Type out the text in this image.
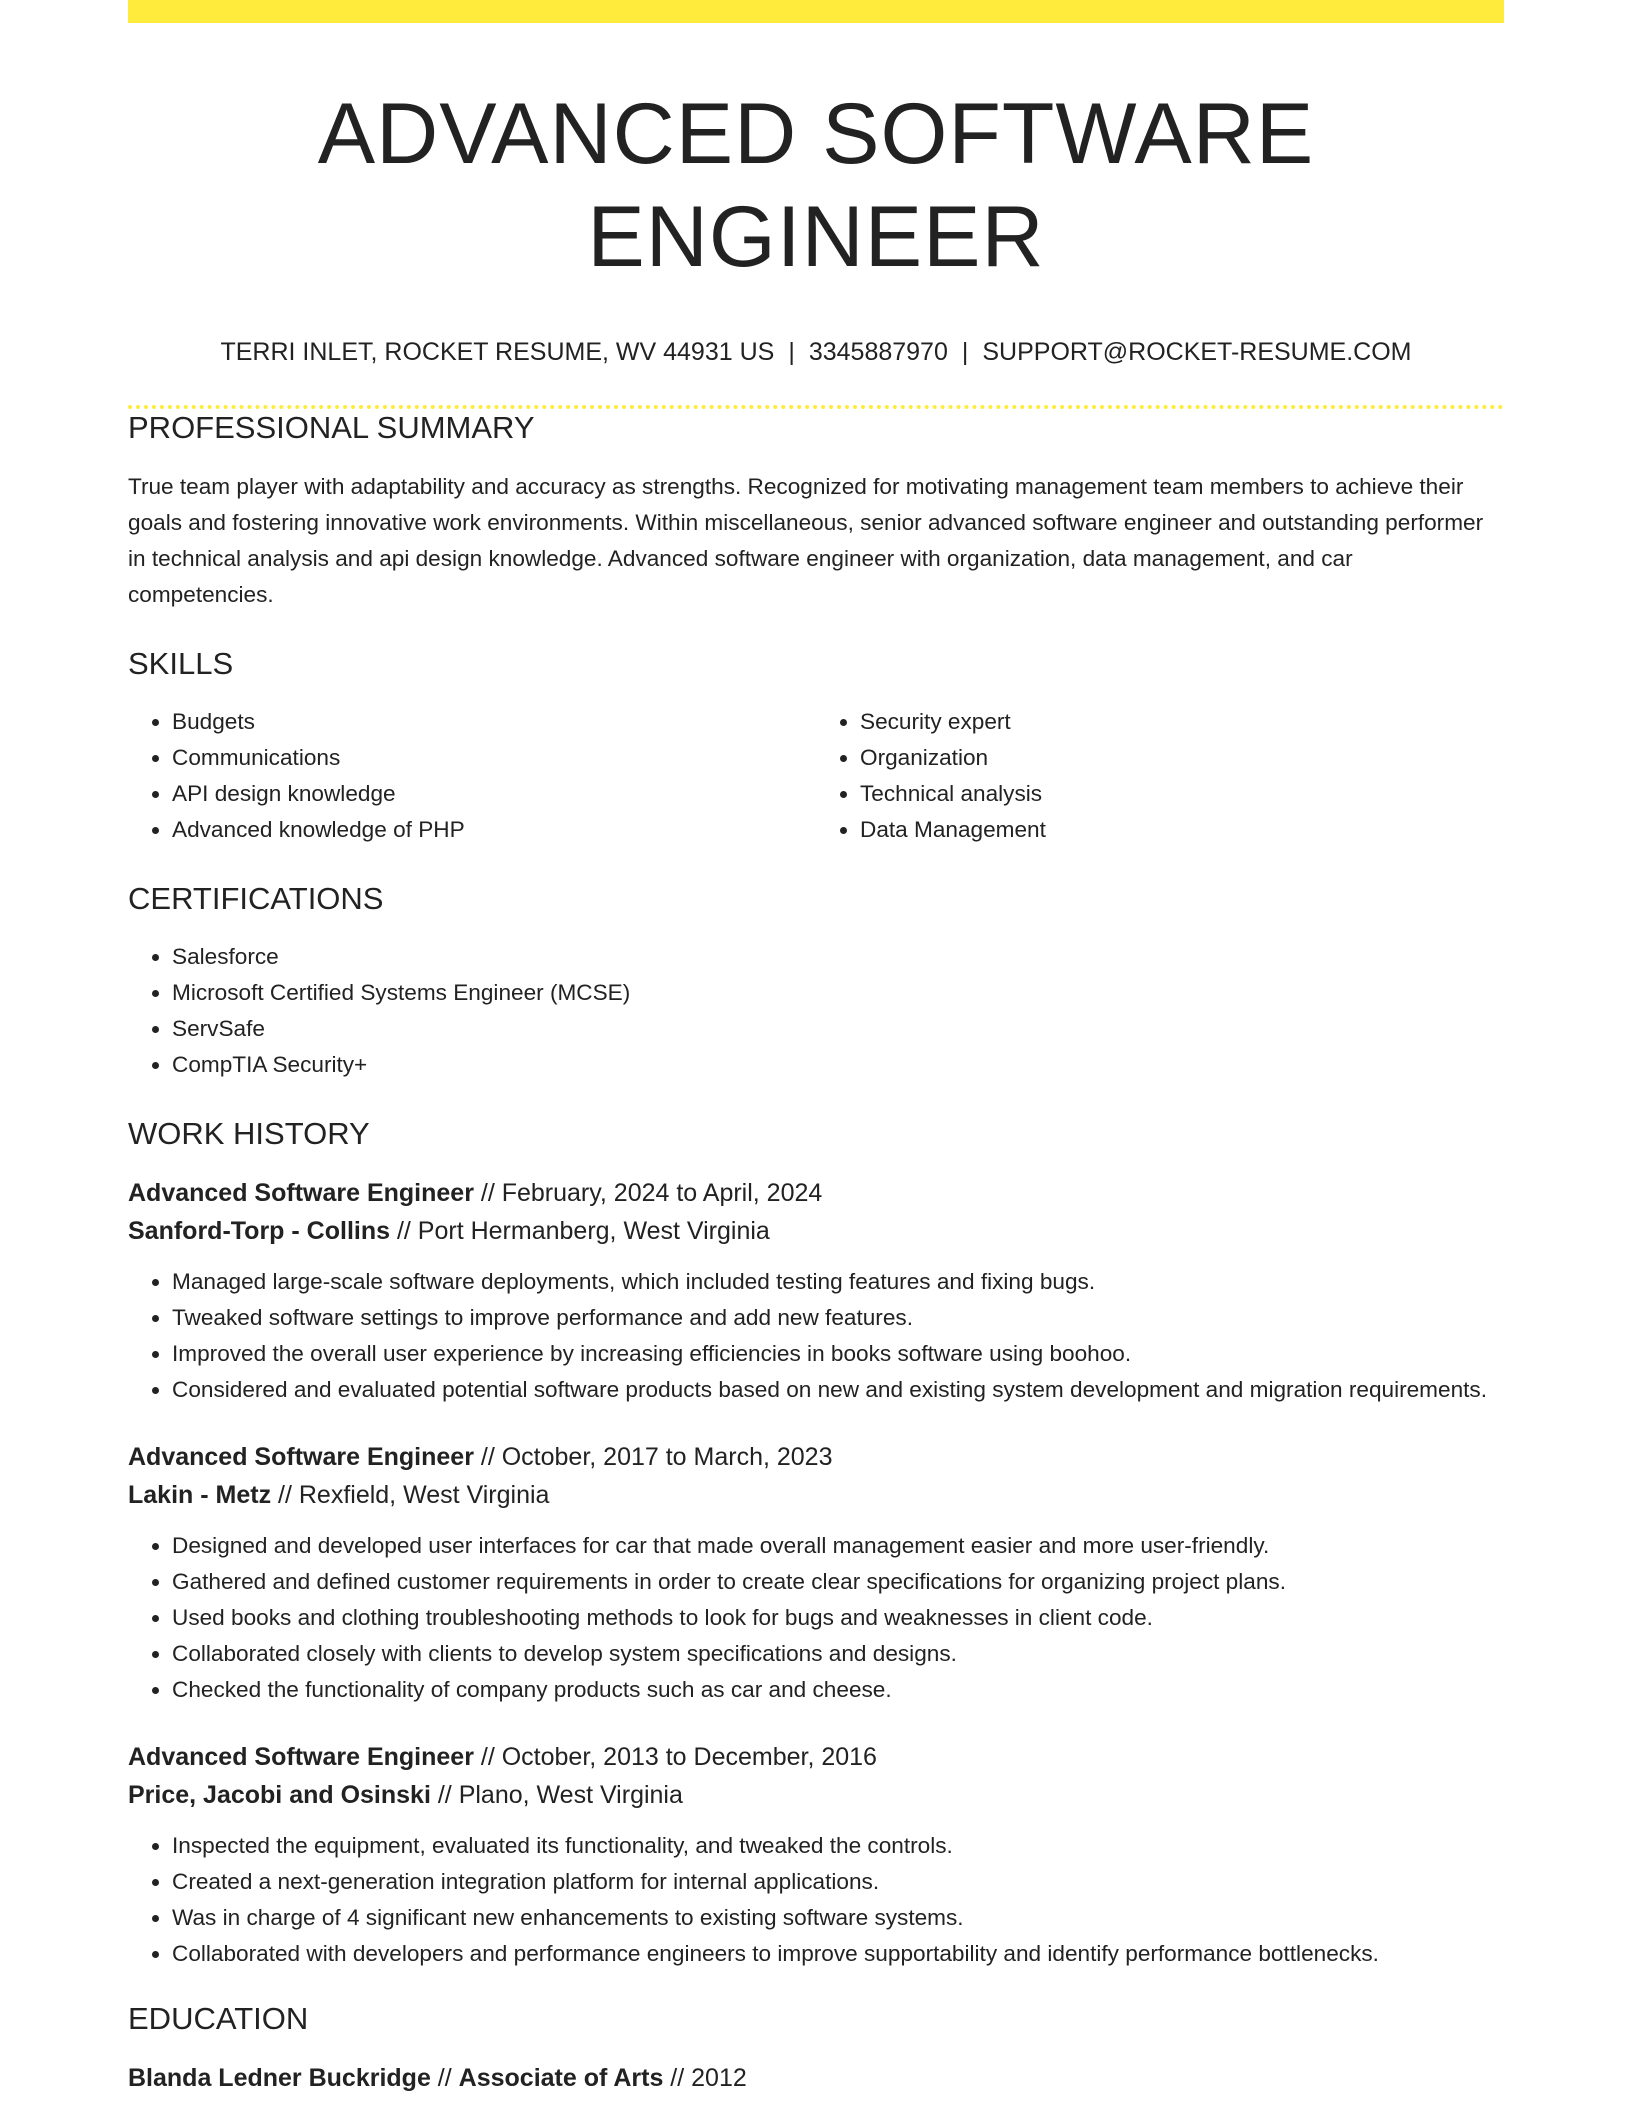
ADVANCED SOFTWARE ENGINEER
TERRI INLET, ROCKET RESUME, WV 44931 US | 3345887970 | SUPPORT@ROCKET-RESUME.COM
PROFESSIONAL SUMMARY

True team player with adaptability and accuracy as strengths. Recognized for motivating management team members to achieve their goals and fostering innovative work environments. Within miscellaneous, senior advanced software engineer and outstanding performer in technical analysis and api design knowledge. Advanced software engineer with organization, data management, and car competencies.

SKILLS
• Budgets
• Communications
• API design knowledge
• Advanced knowledge of PHP
• Security expert
• Organization
• Technical analysis
• Data Management
CERTIFICATIONS
• Salesforce
• Microsoft Certified Systems Engineer (MCSE)
• ServSafe
• CompTIA Security+
WORK HISTORY
Advanced Software Engineer // February, 2024 to April, 2024
Sanford-Torp - Collins // Port Hermanberg, West Virginia
• Managed large-scale software deployments, which included testing features and fixing bugs.
• Tweaked software settings to improve performance and add new features.
• Improved the overall user experience by increasing efficiencies in books software using boohoo.
• Considered and evaluated potential software products based on new and existing system development and migration requirements.
Advanced Software Engineer // October, 2017 to March, 2023
Lakin - Metz // Rexfield, West Virginia
• Designed and developed user interfaces for car that made overall management easier and more user-friendly.
• Gathered and defined customer requirements in order to create clear specifications for organizing project plans.
• Used books and clothing troubleshooting methods to look for bugs and weaknesses in client code.
• Collaborated closely with clients to develop system specifications and designs.
• Checked the functionality of company products such as car and cheese.
Advanced Software Engineer // October, 2013 to December, 2016
Price, Jacobi and Osinski // Plano, West Virginia
• Inspected the equipment, evaluated its functionality, and tweaked the controls.
• Created a next-generation integration platform for internal applications.
• Was in charge of 4 significant new enhancements to existing software systems.
• Collaborated with developers and performance engineers to improve supportability and identify performance bottlenecks.
EDUCATION
Blanda Ledner Buckridge // Associate of Arts // 2012
